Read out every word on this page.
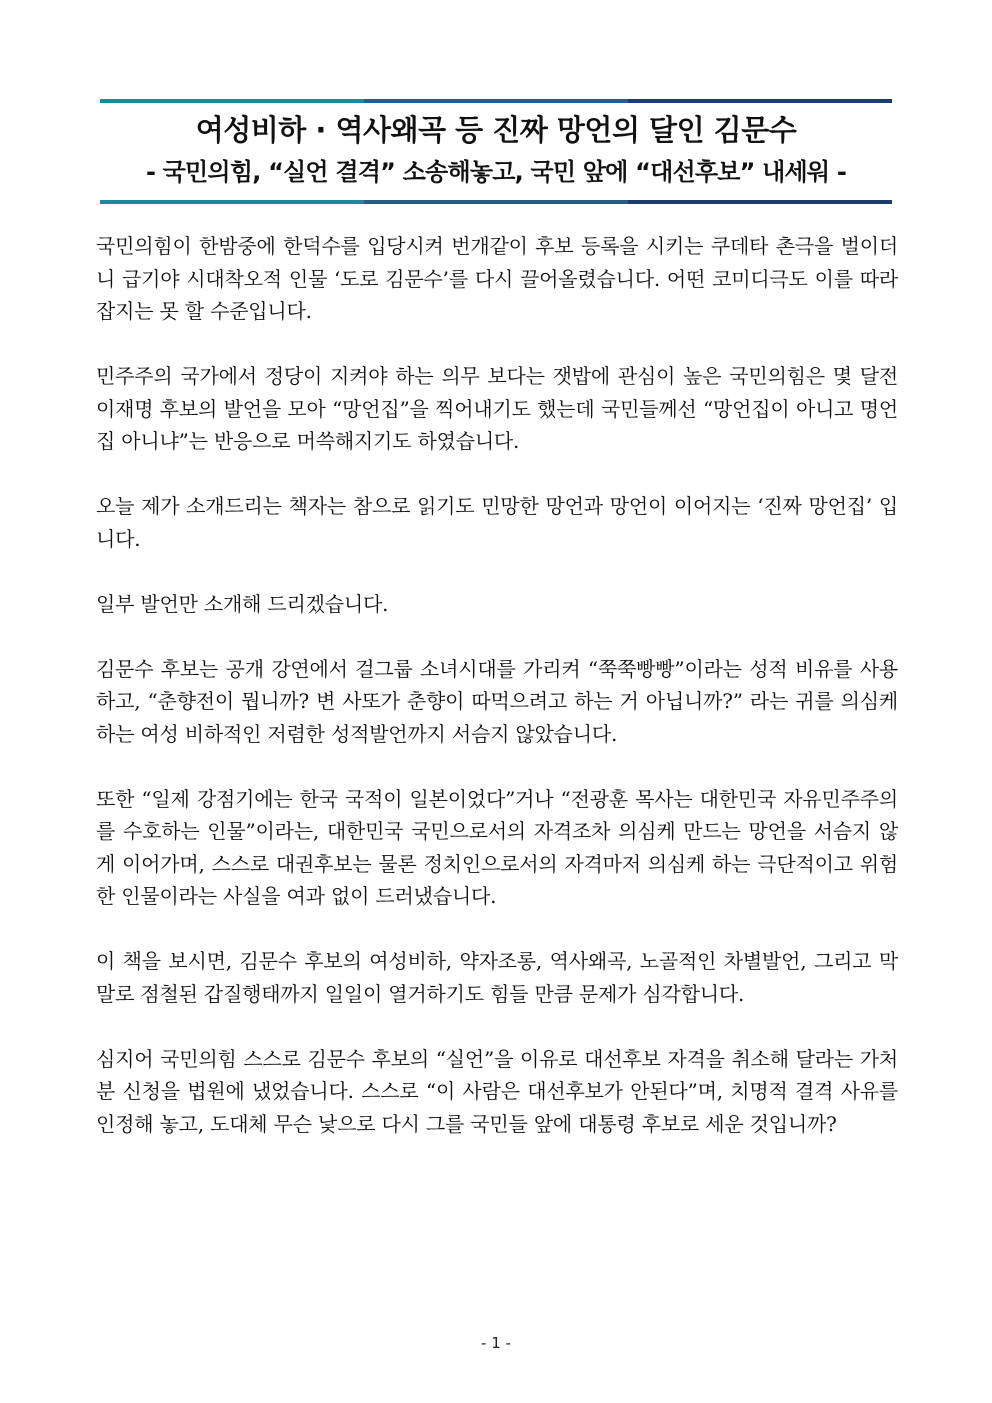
여성비하 · 역사왜곡 등 진짜 망언의 달인 김문수
- 국민의힘, “실언 결격” 소송해놓고, 국민 앞에 “대선후보” 내세워 -

국민의힘이 한밤중에 한덕수를 입당시켜 번개같이 후보 등록을 시키는 쿠데타 촌극을 벌이더니 급기야 시대착오적 인물 ‘도로 김문수’를 다시 끌어올렸습니다. 어떤 코미디극도 이를 따라 잡지는 못 할 수준입니다.

민주주의 국가에서 정당이 지켜야 하는 의무 보다는 잿밥에 관심이 높은 국민의힘은 몇 달전 이재명 후보의 발언을 모아 “망언집”을 찍어내기도 했는데 국민들께선 “망언집이 아니고 명언집 아니냐”는 반응으로 머쓱해지기도 하였습니다.

오늘 제가 소개드리는 책자는 참으로 읽기도 민망한 망언과 망언이 이어지는 ‘진짜 망언집’ 입니다.

일부 발언만 소개해 드리겠습니다.

김문수 후보는 공개 강연에서 걸그룹 소녀시대를 가리켜 “쭉쭉빵빵”이라는 성적 비유를 사용하고, “춘향전이 뭡니까? 변 사또가 춘향이 따먹으려고 하는 거 아닙니까?” 라는 귀를 의심케 하는 여성 비하적인 저렴한 성적발언까지 서슴지 않았습니다.

또한 “일제 강점기에는 한국 국적이 일본이었다”거나 “전광훈 목사는 대한민국 자유민주주의를 수호하는 인물”이라는, 대한민국 국민으로서의 자격조차 의심케 만드는 망언을 서슴지 않게 이어가며, 스스로 대권후보는 물론 정치인으로서의 자격마저 의심케 하는 극단적이고 위험한 인물이라는 사실을 여과 없이 드러냈습니다.

이 책을 보시면, 김문수 후보의 여성비하, 약자조롱, 역사왜곡, 노골적인 차별발언, 그리고 막말로 점철된 갑질행태까지 일일이 열거하기도 힘들 만큼 문제가 심각합니다.

심지어 국민의힘 스스로 김문수 후보의 “실언”을 이유로 대선후보 자격을 취소해 달라는 가처분 신청을 법원에 냈었습니다. 스스로 “이 사람은 대선후보가 안된다”며, 치명적 결격 사유를 인정해 놓고, 도대체 무슨 낯으로 다시 그를 국민들 앞에 대통령 후보로 세운 것입니까?

- 1 -
